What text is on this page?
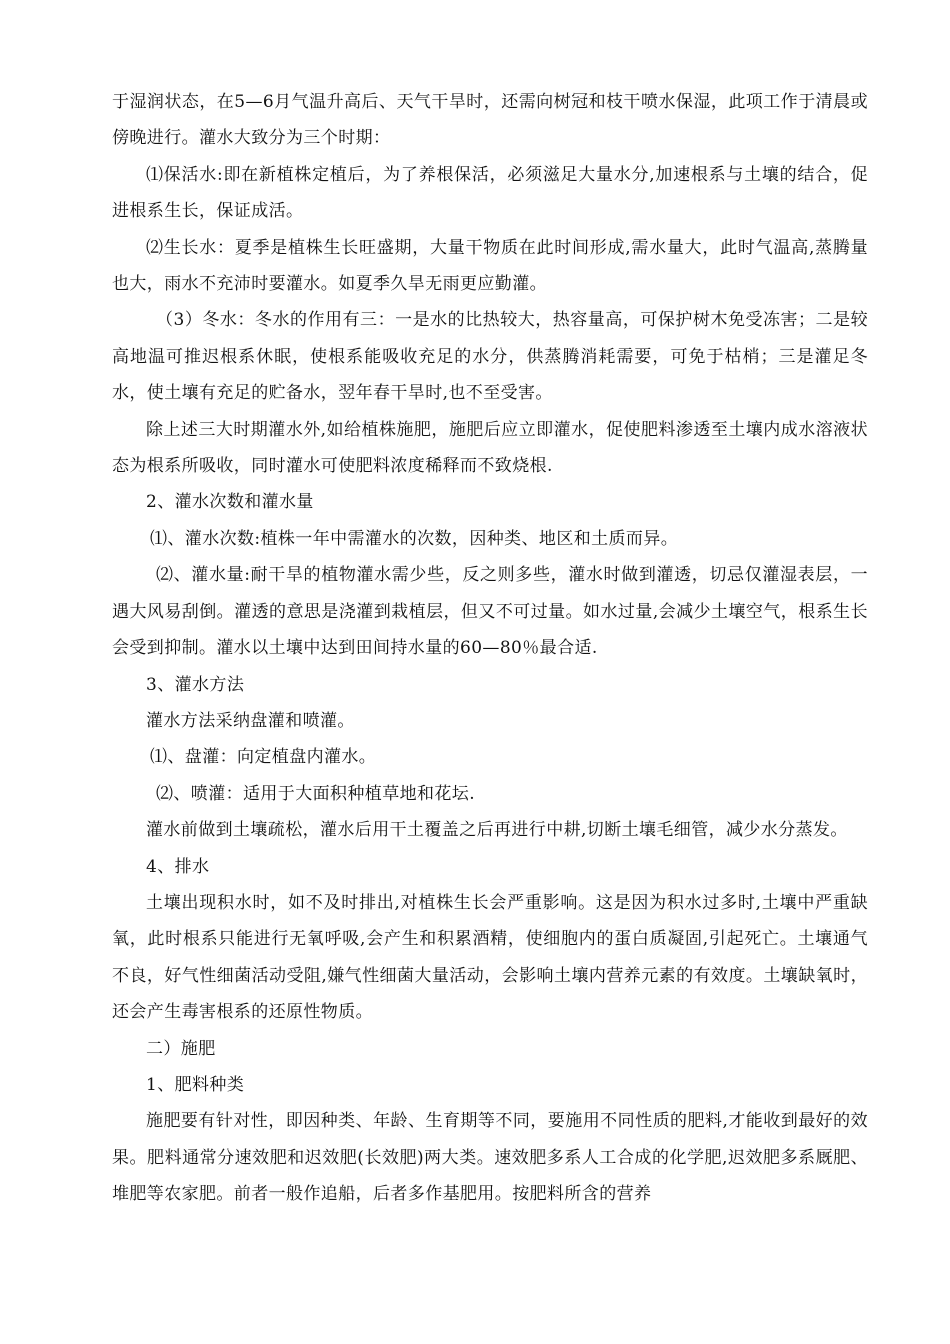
于湿润状态，在5—6月气温升高后、天气干旱时，还需向树冠和枝干喷水保湿，此项工作于清晨或傍晚进行。灌水大致分为三个时期：

⑴保活水:即在新植株定植后，为了养根保活，必须滋足大量水分,加速根系与土壤的结合，促进根系生长，保证成活。

⑵生长水：夏季是植株生长旺盛期，大量干物质在此时间形成,需水量大，此时气温高,蒸腾量也大，雨水不充沛时要灌水。如夏季久旱无雨更应勤灌。

（3）冬水：冬水的作用有三：一是水的比热较大，热容量高，可保护树木免受冻害；二是较高地温可推迟根系休眠，使根系能吸收充足的水分，供蒸腾消耗需要，可免于枯梢；三是灌足冬水，使土壤有充足的贮备水，翌年春干旱时,也不至受害。

除上述三大时期灌水外,如给植株施肥，施肥后应立即灌水，促使肥料渗透至土壤内成水溶液状态为根系所吸收，同时灌水可使肥料浓度稀释而不致烧根.

2、灌水次数和灌水量

⑴、灌水次数:植株一年中需灌水的次数，因种类、地区和土质而异。

⑵、灌水量:耐干旱的植物灌水需少些，反之则多些，灌水时做到灌透，切忌仅灌湿表层，一遇大风易刮倒。灌透的意思是浇灌到栽植层，但又不可过量。如水过量,会减少土壤空气，根系生长会受到抑制。灌水以土壤中达到田间持水量的60—80％最合适.

3、灌水方法

灌水方法采纳盘灌和喷灌。

⑴、盘灌：向定植盘内灌水。

⑵、喷灌：适用于大面积种植草地和花坛.

灌水前做到土壤疏松，灌水后用干土覆盖之后再进行中耕,切断土壤毛细管，减少水分蒸发。

4、排水

土壤出现积水时，如不及时排出,对植株生长会严重影响。这是因为积水过多时,土壤中严重缺氧，此时根系只能进行无氧呼吸,会产生和积累酒精，使细胞内的蛋白质凝固,引起死亡。土壤通气不良，好气性细菌活动受阻,嫌气性细菌大量活动，会影响土壤内营养元素的有效度。土壤缺氧时，还会产生毒害根系的还原性物质。

二）施肥

1、肥料种类

施肥要有针对性，即因种类、年龄、生育期等不同，要施用不同性质的肥料,才能收到最好的效果。肥料通常分速效肥和迟效肥(长效肥)两大类。速效肥多系人工合成的化学肥,迟效肥多系厩肥、堆肥等农家肥。前者一般作追船，后者多作基肥用。按肥料所含的营养
